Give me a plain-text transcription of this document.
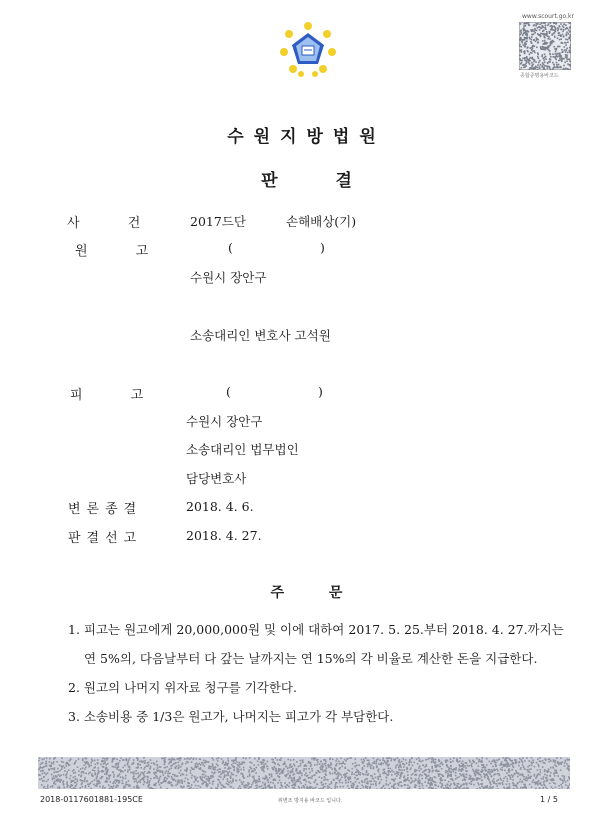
www.scourt.go.kr
종합증명용바코드
수원지방법원
판 결
사 건	2017드단	손해배상(기)
원 고	(	)
수원시 장안구
소송대리인 변호사 고석원
피 고	(	)
수원시 장안구
소송대리인 법무법인
담당변호사
변론종결	2018. 4. 6.
판결선고	2018. 4. 27.
주 문
1. 피고는 원고에게 20,000,000원 및 이에 대하여 2017. 5. 25.부터 2018. 4. 27.까지는
연 5%의, 다음날부터 다 갚는 날까지는 연 15%의 각 비율로 계산한 돈을 지급한다.
2. 원고의 나머지 위자료 청구를 기각한다.
3. 소송비용 중 1/3은 원고가, 나머지는 피고가 각 부담한다.
2018-0117601881-195CE	위변조 방지용 바코드 입니다.	1 / 5
